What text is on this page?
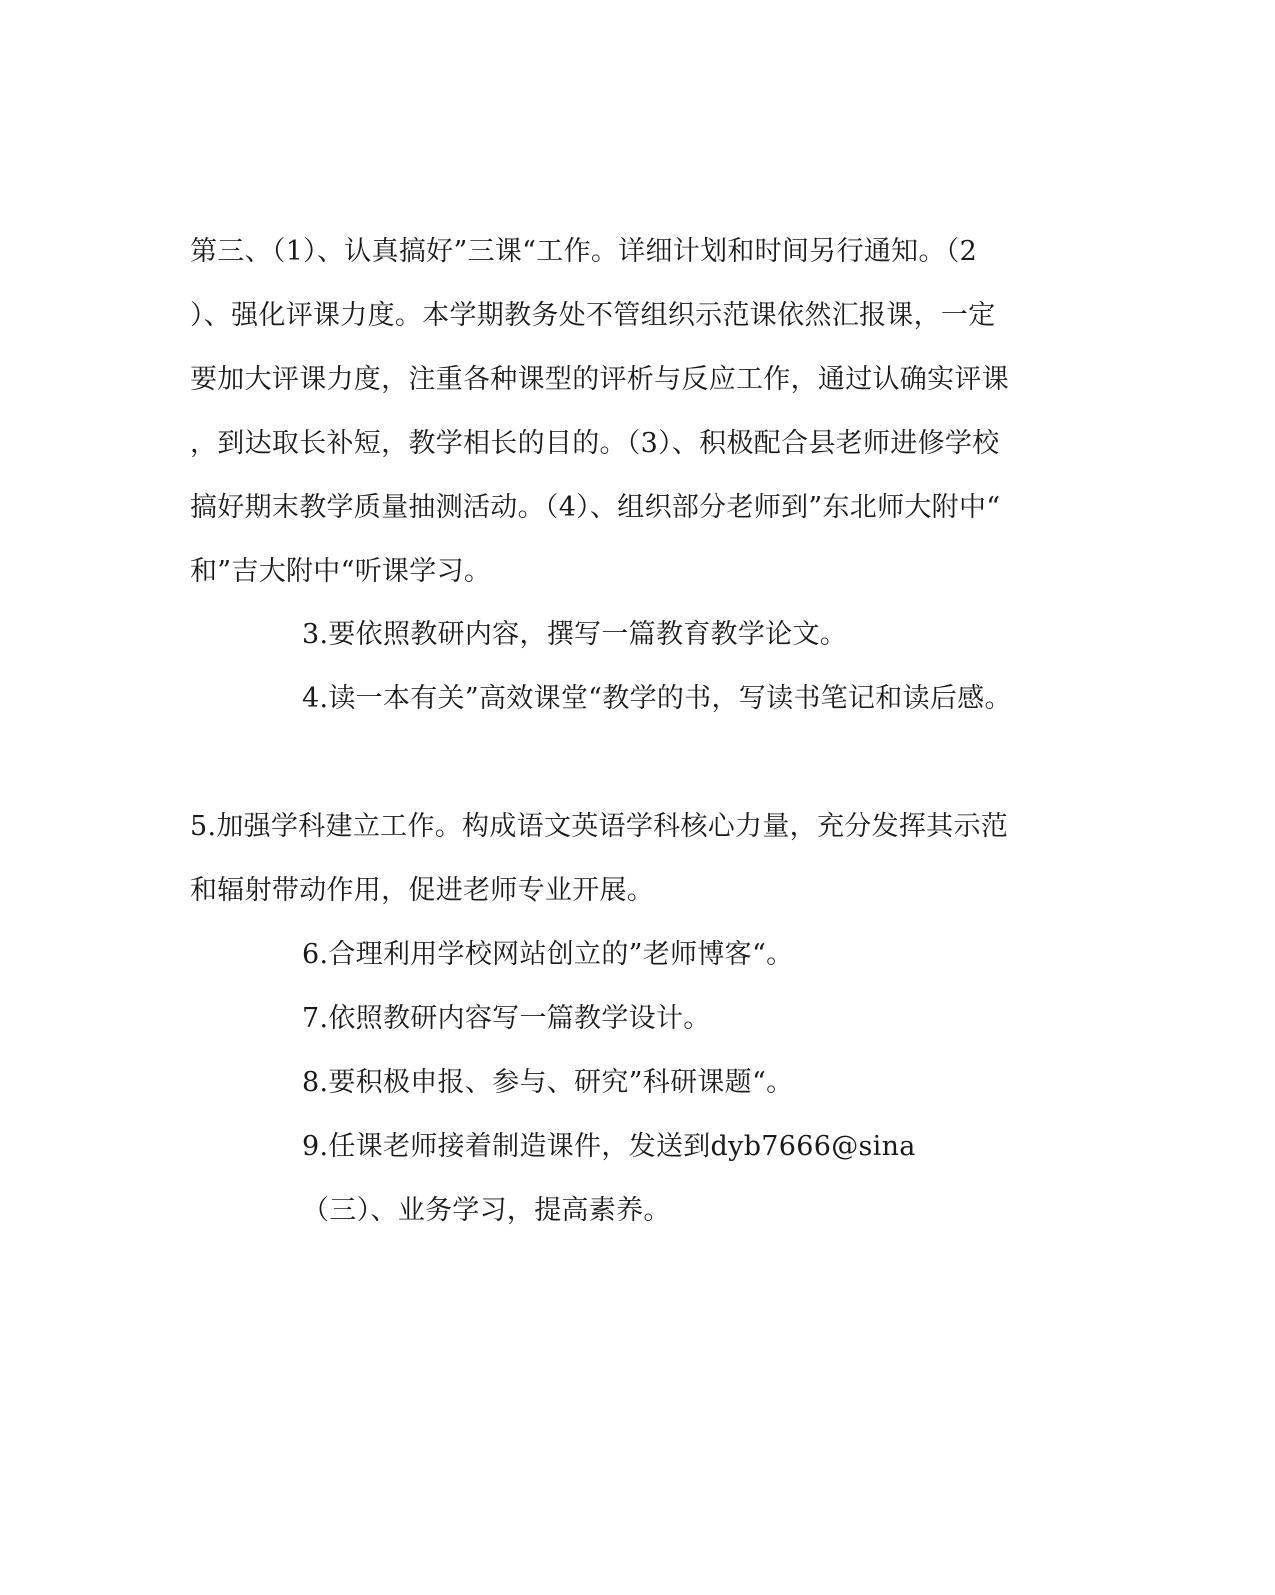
第三、（1）、认真搞好”三课“工作。详细计划和时间另行通知。（2
）、强化评课力度。本学期教务处不管组织示范课依然汇报课，一定
要加大评课力度，注重各种课型的评析与反应工作，通过认确实评课
，到达取长补短，教学相长的目的。（3）、积极配合县老师进修学校
搞好期末教学质量抽测活动。（4）、组织部分老师到”东北师大附中“
和”吉大附中“听课学习。
3.要依照教研内容，撰写一篇教育教学论文。
4.读一本有关”高效课堂“教学的书，写读书笔记和读后感。
5.加强学科建立工作。构成语文英语学科核心力量，充分发挥其示范
和辐射带动作用，促进老师专业开展。
6.合理利用学校网站创立的”老师博客“。
7.依照教研内容写一篇教学设计。
8.要积极申报、参与、研究”科研课题“。
9.任课老师接着制造课件，发送到dyb7666@sina
（三）、业务学习，提高素养。
